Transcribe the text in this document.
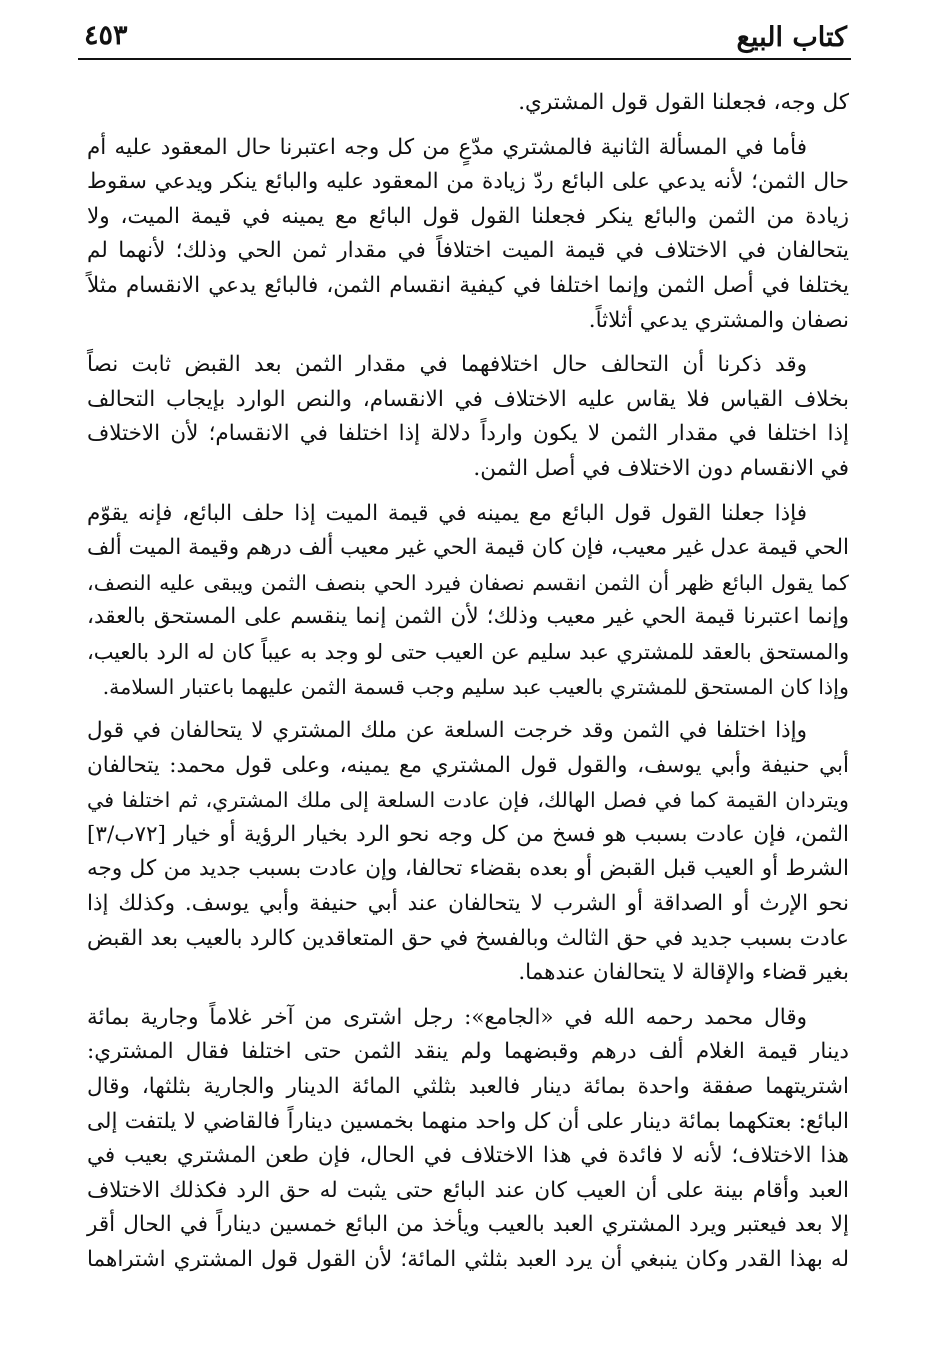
كتاب البيع
٤٥٣

كل وجه، فجعلنا القول قول المشتري.

فأما في المسألة الثانية فالمشتري مدّعٍ من كل وجه اعتبرنا حال المعقود عليه أم
حال الثمن؛ لأنه يدعي على البائع ردّ زيادة من المعقود عليه والبائع ينكر ويدعي سقوط
زيادة من الثمن والبائع ينكر فجعلنا القول قول البائع مع يمينه في قيمة الميت، ولا
يتحالفان في الاختلاف في قيمة الميت اختلافاً في مقدار ثمن الحي وذلك؛ لأنهما لم
يختلفا في أصل الثمن وإنما اختلفا في كيفية انقسام الثمن، فالبائع يدعي الانقسام مثلاً
نصفان والمشتري يدعي أثلاثاً.

وقد ذكرنا أن التحالف حال اختلافهما في مقدار الثمن بعد القبض ثابت نصاً
بخلاف القياس فلا يقاس عليه الاختلاف في الانقسام، والنص الوارد بإيجاب التحالف
إذا اختلفا في مقدار الثمن لا يكون وارداً دلالة إذا اختلفا في الانقسام؛ لأن الاختلاف
في الانقسام دون الاختلاف في أصل الثمن.

فإذا جعلنا القول قول البائع مع يمينه في قيمة الميت إذا حلف البائع، فإنه يقوّم
الحي قيمة عدل غير معيب، فإن كان قيمة الحي غير معيب ألف درهم وقيمة الميت ألف
كما يقول البائع ظهر أن الثمن انقسم نصفان فيرد الحي بنصف الثمن ويبقى عليه النصف،
وإنما اعتبرنا قيمة الحي غير معيب وذلك؛ لأن الثمن إنما ينقسم على المستحق بالعقد،
والمستحق بالعقد للمشتري عبد سليم عن العيب حتى لو وجد به عيباً كان له الرد بالعيب،
وإذا كان المستحق للمشتري بالعيب عبد سليم وجب قسمة الثمن عليهما باعتبار السلامة.

وإذا اختلفا في الثمن وقد خرجت السلعة عن ملك المشتري لا يتحالفان في قول
أبي حنيفة وأبي يوسف، والقول قول المشتري مع يمينه، وعلى قول محمد: يتحالفان
ويتردان القيمة كما في فصل الهالك، فإن عادت السلعة إلى ملك المشتري، ثم اختلفا في
الثمن، فإن عادت بسبب هو فسخ من كل وجه نحو الرد بخيار الرؤية أو خيار [٧٢ب/٣]
الشرط أو العيب قبل القبض أو بعده بقضاء تحالفا، وإن عادت بسبب جديد من كل وجه
نحو الإرث أو الصداقة أو الشرب لا يتحالفان عند أبي حنيفة وأبي يوسف. وكذلك إذا
عادت بسبب جديد في حق الثالث وبالفسخ في حق المتعاقدين كالرد بالعيب بعد القبض
بغير قضاء والإقالة لا يتحالفان عندهما.

وقال محمد رحمه الله في «الجامع»: رجل اشترى من آخر غلاماً وجارية بمائة
دينار قيمة الغلام ألف درهم وقبضهما ولم ينقد الثمن حتى اختلفا فقال المشتري:
اشتريتهما صفقة واحدة بمائة دينار فالعبد بثلثي المائة الدينار والجارية بثلثها، وقال
البائع: بعتكهما بمائة دينار على أن كل واحد منهما بخمسين ديناراً فالقاضي لا يلتفت إلى
هذا الاختلاف؛ لأنه لا فائدة في هذا الاختلاف في الحال، فإن طعن المشتري بعيب في
العبد وأقام بينة على أن العيب كان عند البائع حتى يثبت له حق الرد فكذلك الاختلاف
إلا بعد فيعتبر ويرد المشتري العبد بالعيب ويأخذ من البائع خمسين ديناراً في الحال أقر
له بهذا القدر وكان ينبغي أن يرد العبد بثلثي المائة؛ لأن القول قول المشتري اشتراهما
